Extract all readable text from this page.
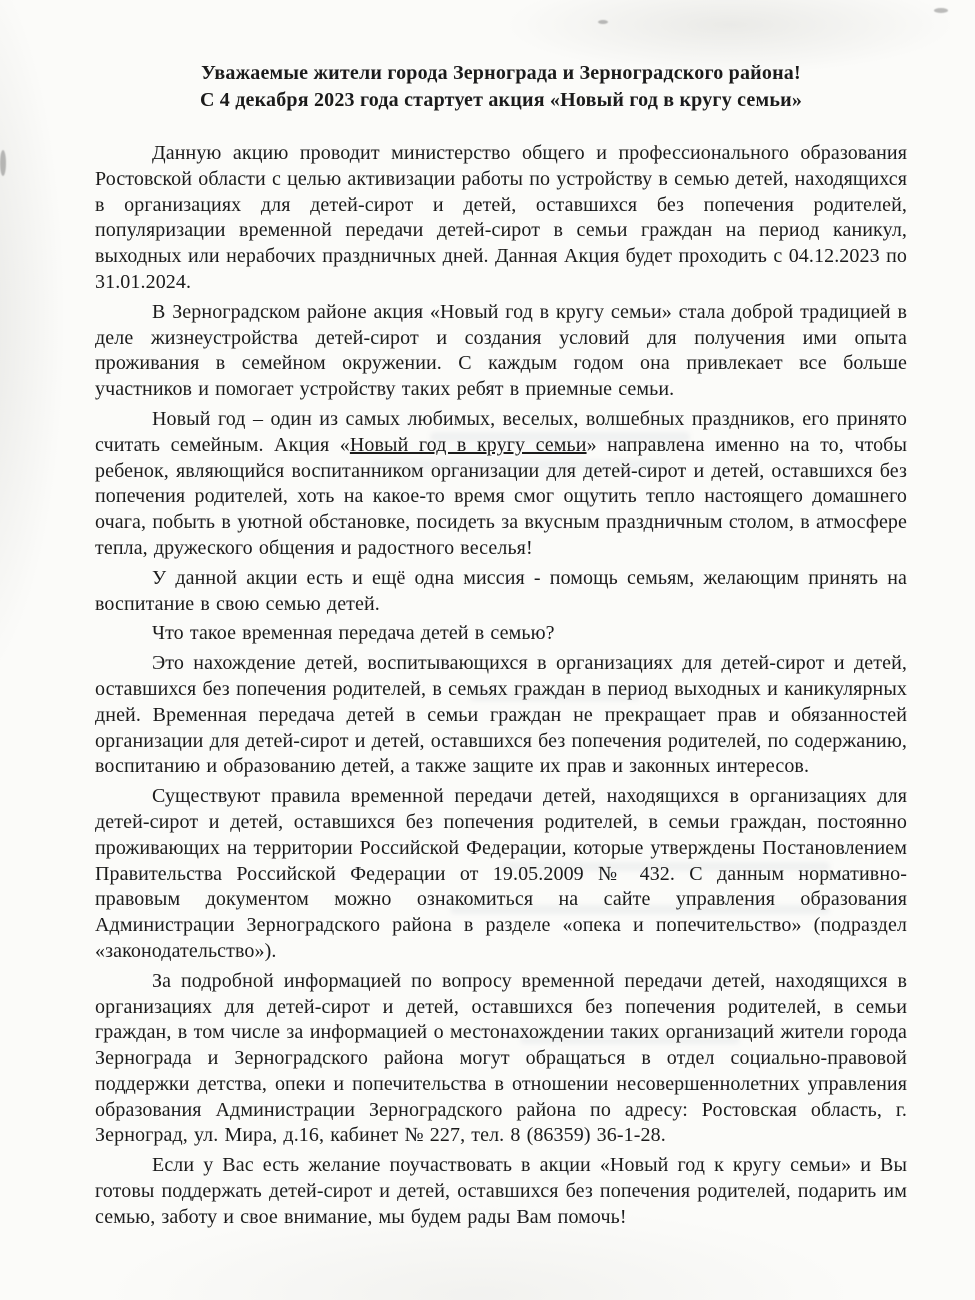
Уважаемые жители города Зернограда и Зерноградского района!
С 4 декабря 2023 года стартует акция «Новый год в кругу семьи»

Данную акцию проводит министерство общего и профессионального образования Ростовской области с целью активизации работы по устройству в семью детей, находящихся в организациях для детей-сирот и детей, оставшихся без попечения родителей, популяризации временной передачи детей-сирот в семьи граждан на период каникул, выходных или нерабочих праздничных дней. Данная Акция будет проходить с 04.12.2023 по 31.01.2024.

В Зерноградском районе акция «Новый год в кругу семьи» стала доброй традицией в деле жизнеустройства детей-сирот и создания условий для получения ими опыта проживания в семейном окружении. С каждым годом она привлекает все больше участников и помогает устройству таких ребят в приемные семьи.

Новый год – один из самых любимых, веселых, волшебных праздников, его принято считать семейным. Акция «Новый год в кругу семьи» направлена именно на то, чтобы ребенок, являющийся воспитанником организации для детей-сирот и детей, оставшихся без попечения родителей, хоть на какое-то время смог ощутить тепло настоящего домашнего очага, побыть в уютной обстановке, посидеть за вкусным праздничным столом, в атмосфере тепла, дружеского общения и радостного веселья!

У данной акции есть и ещё одна миссия - помощь семьям, желающим принять на воспитание в свою семью детей.

Что такое временная передача детей в семью?

Это нахождение детей, воспитывающихся в организациях для детей-сирот и детей, оставшихся без попечения родителей, в семьях граждан в период выходных и каникулярных дней. Временная передача детей в семьи граждан не прекращает прав и обязанностей организации для детей-сирот и детей, оставшихся без попечения родителей, по содержанию, воспитанию и образованию детей, а также защите их прав и законных интересов.

Существуют правила временной передачи детей, находящихся в организациях для детей-сирот и детей, оставшихся без попечения родителей, в семьи граждан, постоянно проживающих на территории Российской Федерации, которые утверждены Постановлением Правительства Российской Федерации от 19.05.2009 № 432. С данным нормативно-правовым документом можно ознакомиться на сайте управления образования Администрации Зерноградского района в разделе «опека и попечительство» (подраздел «законодательство»).

За подробной информацией по вопросу временной передачи детей, находящихся в организациях для детей-сирот и детей, оставшихся без попечения родителей, в семьи граждан, в том числе за информацией о местонахождении таких организаций жители города Зернограда и Зерноградского района могут обращаться в отдел социально-правовой поддержки детства, опеки и попечительства в отношении несовершеннолетних управления образования Администрации Зерноградского района по адресу: Ростовская область, г. Зерноград, ул. Мира, д.16, кабинет № 227, тел. 8 (86359) 36-1-28.

Если у Вас есть желание поучаствовать в акции «Новый год к кругу семьи» и Вы готовы поддержать детей-сирот и детей, оставшихся без попечения родителей, подарить им семью, заботу и свое внимание, мы будем рады Вам помочь!
